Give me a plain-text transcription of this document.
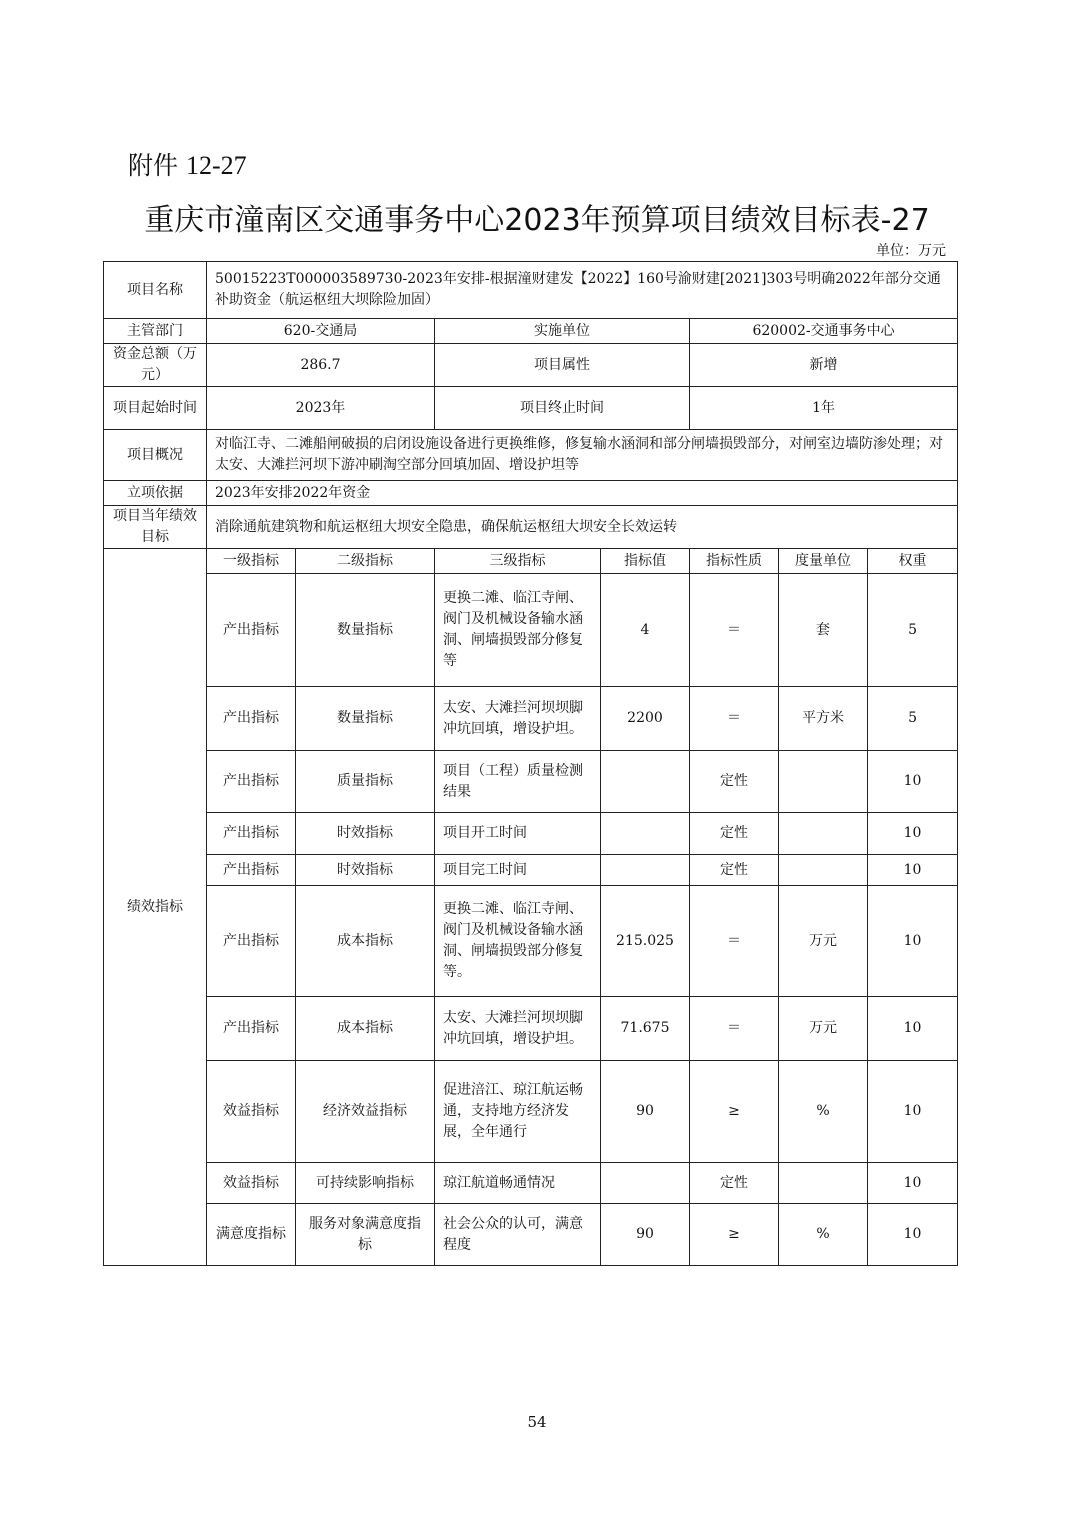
附件 12-27
重庆市潼南区交通事务中心2023年预算项目绩效目标表-27
单位：万元
项目名称	50015223T000003589730-2023年安排-根据潼财建发【2022】160号渝财建[2021]303号明确2022年部分交通补助资金（航运枢纽大坝除险加固）						
主管部门	620-交通局		实施单位		620002-交通事务中心		
资金总额（万元）	286.7		项目属性		新增		
项目起始时间	2023年		项目终止时间		1年		
项目概况	对临江寺、二滩船闸破损的启闭设施设备进行更换维修，修复输水涵洞和部分闸墙损毁部分，对闸室边墙防渗处理；对太安、大滩拦河坝下游冲刷淘空部分回填加固、增设护坦等						
立项依据	2023年安排2022年资金						
项目当年绩效目标	消除通航建筑物和航运枢纽大坝安全隐患，确保航运枢纽大坝安全长效运转						
绩效指标	一级指标	二级指标	三级指标	指标值	指标性质	度量单位	权重
	产出指标	数量指标	更换二滩、临江寺闸、阀门及机械设备输水涵洞、闸墙损毁部分修复等	4	＝	套	5
	产出指标	数量指标	太安、大滩拦河坝坝脚冲坑回填，增设护坦。	2200	＝	平方米	5
	产出指标	质量指标	项目（工程）质量检测结果		定性		10
	产出指标	时效指标	项目开工时间		定性		10
	产出指标	时效指标	项目完工时间		定性		10
	产出指标	成本指标	更换二滩、临江寺闸、阀门及机械设备输水涵洞、闸墙损毁部分修复等。	215.025	＝	万元	10
	产出指标	成本指标	太安、大滩拦河坝坝脚冲坑回填，增设护坦。	71.675	＝	万元	10
	效益指标	经济效益指标	促进涪江、琼江航运畅通，支持地方经济发展，全年通行	90	≥	%	10
	效益指标	可持续影响指标	琼江航道畅通情况		定性		10
	满意度指标	服务对象满意度指标	社会公众的认可，满意程度	90	≥	%	10
54
